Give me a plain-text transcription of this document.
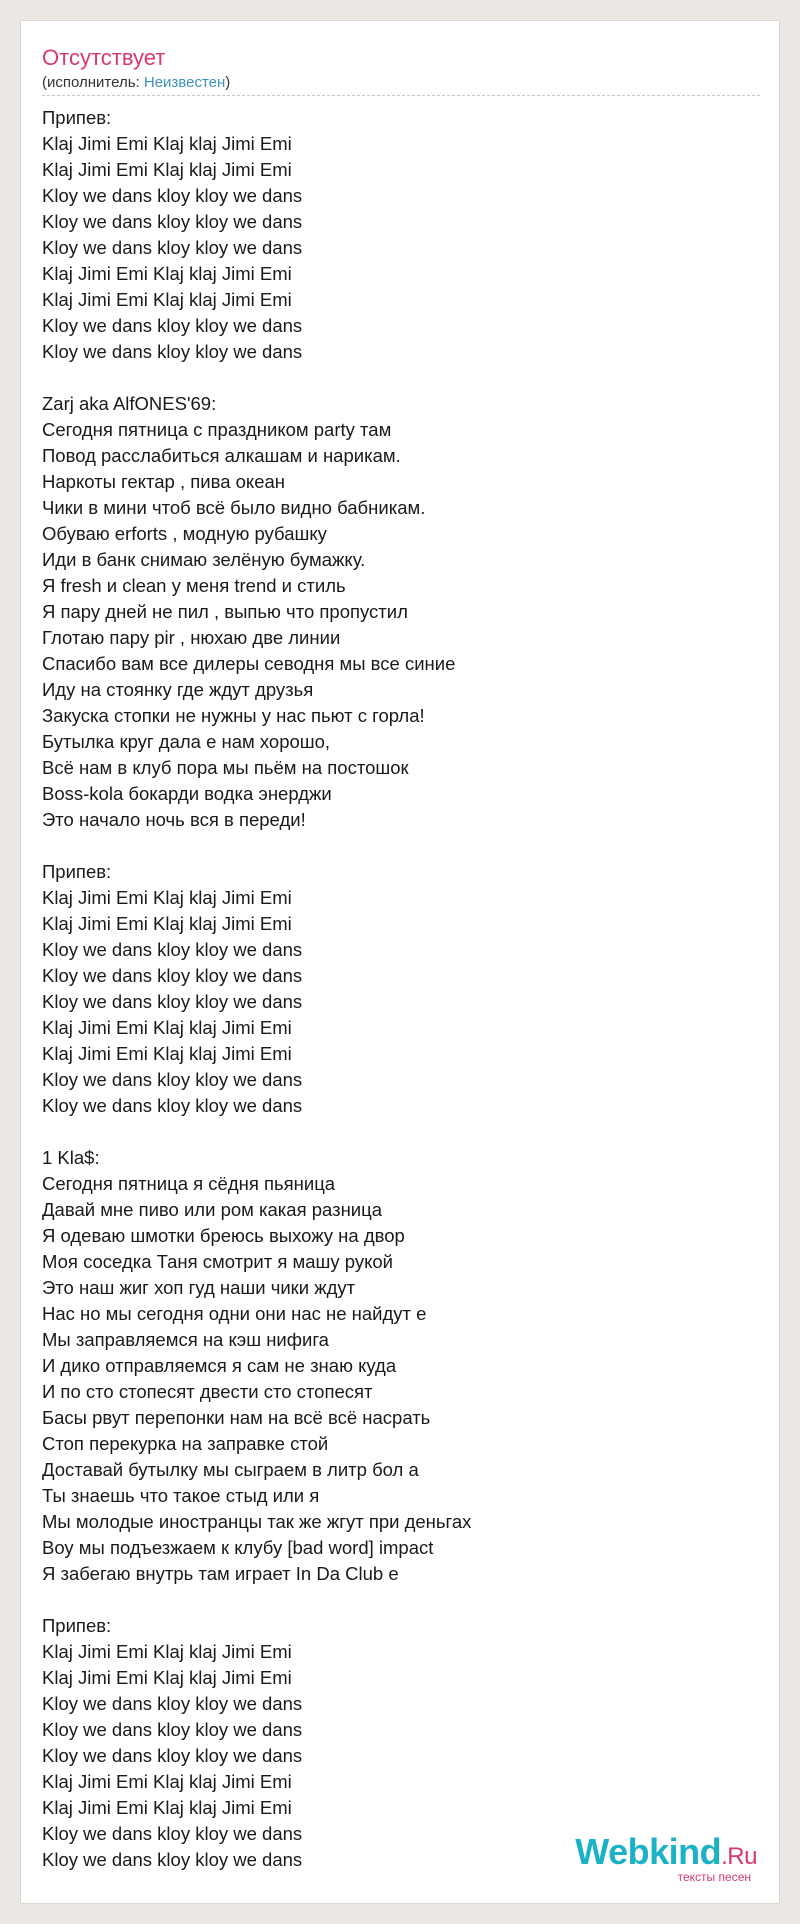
Отсутствует
(исполнитель: Неизвестен)
Припев:
Klaj Jimi Emi Klaj klaj Jimi Emi
Klaj Jimi Emi Klaj klaj Jimi Emi
Kloy we dans kloy kloy we dans
Kloy we dans kloy kloy we dans
Kloy we dans kloy kloy we dans
Klaj Jimi Emi Klaj klaj Jimi Emi
Klaj Jimi Emi Klaj klaj Jimi Emi
Kloy we dans kloy kloy we dans
Kloy we dans kloy kloy we dans
Zarj aka AlfONES'69:
Сегодня пятница с праздником party там
Повод расслабиться алкашам и нарикам.
Наркоты гектар , пива океан
Чики в мини чтоб всё было видно бабникам.
Обуваю erforts , модную рубашку
Иди в банк снимаю зелёную бумажку.
Я fresh и clean у меня trend и стиль
Я пару дней не пил , выпью что пропустил
Глотаю пару pir , нюхаю две линии
Спасибо вам все дилеры севодня мы все синие
Иду на стоянку где ждут друзья
Закуска стопки не нужны у нас пьют с горла!
Бутылка круг дала е нам хорошо,
Всё нам в клуб пора мы пьём на постошок
Boss-kola бокарди водка энерджи
Это начало ночь вся в переди!
Припев:
Klaj Jimi Emi Klaj klaj Jimi Emi
Klaj Jimi Emi Klaj klaj Jimi Emi
Kloy we dans kloy kloy we dans
Kloy we dans kloy kloy we dans
Kloy we dans kloy kloy we dans
Klaj Jimi Emi Klaj klaj Jimi Emi
Klaj Jimi Emi Klaj klaj Jimi Emi
Kloy we dans kloy kloy we dans
Kloy we dans kloy kloy we dans
1 Kla$:
Сегодня пятница я сёдня пьяница
Давай мне пиво или ром какая разница
Я одеваю шмотки бреюсь выхожу на двор
Моя соседка Таня смотрит я машу рукой
Это наш жиг хоп гуд наши чики ждут
Нас но мы сегодня одни они нас не найдут е
Мы заправляемся на кэш нифига
И дико отправляемся я сам не знаю куда
И по сто стопесят двести сто стопесят
Басы рвут перепонки нам на всё всё насрать
Стоп перекурка на заправке стой
Доставай бутылку мы сыграем в литр бол а
Ты знаешь что такое стыд или я
Мы молодые иностранцы так же жгут при деньгах
Воу мы подъезжаем к клубу [bad word] impact
Я забегаю внутрь там играет In Da Club е
Припев:
Klaj Jimi Emi Klaj klaj Jimi Emi
Klaj Jimi Emi Klaj klaj Jimi Emi
Kloy we dans kloy kloy we dans
Kloy we dans kloy kloy we dans
Kloy we dans kloy kloy we dans
Klaj Jimi Emi Klaj klaj Jimi Emi
Klaj Jimi Emi Klaj klaj Jimi Emi
Kloy we dans kloy kloy we dans
Kloy we dans kloy kloy we dans	Webkind.Ru
тексты песен
